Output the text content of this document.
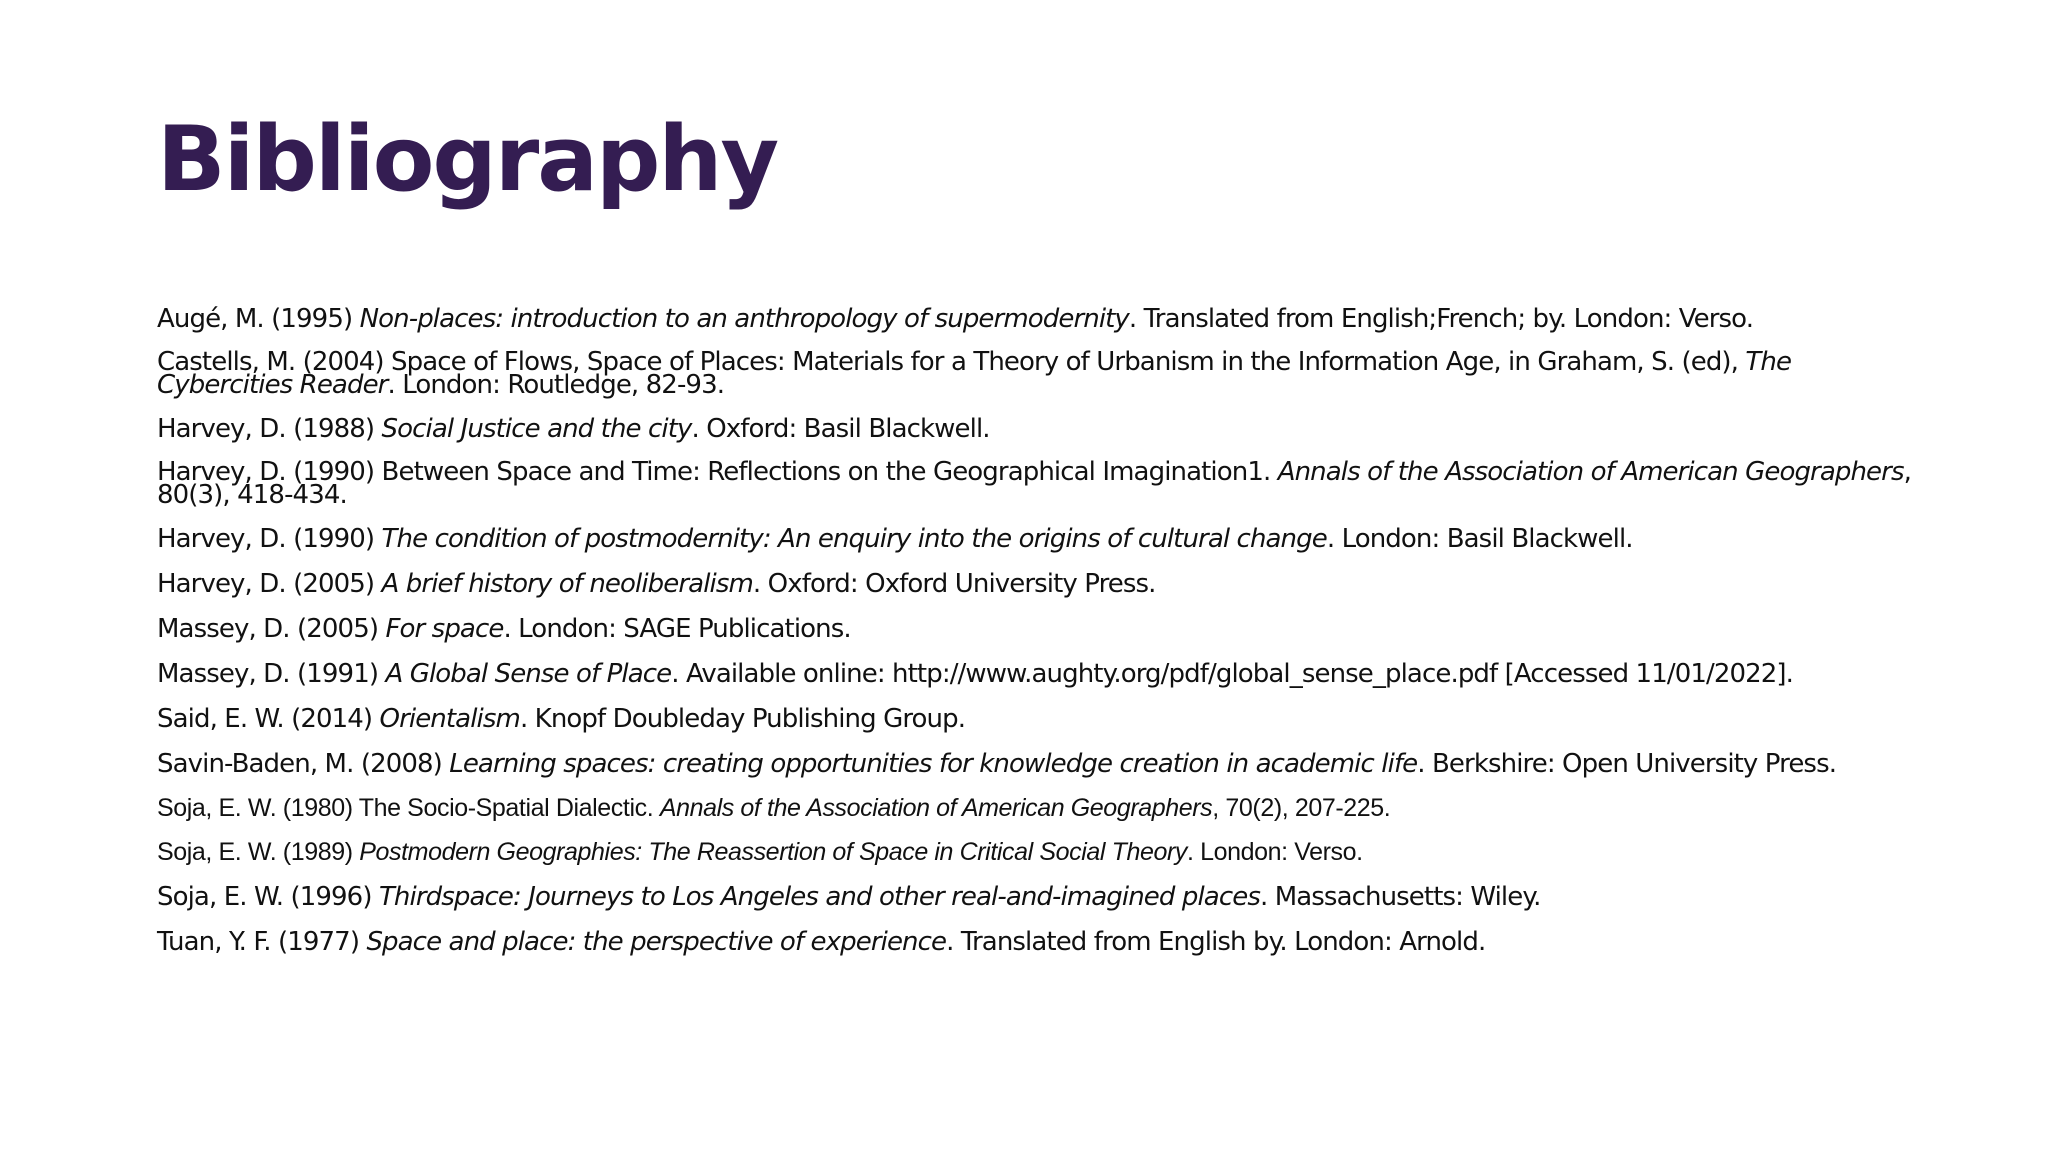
Bibliography
Augé, M. (1995) Non-places: introduction to an anthropology of supermodernity. Translated from English;French; by. London: Verso.
Castells, M. (2004) Space of Flows, Space of Places: Materials for a Theory of Urbanism in the Information Age, in Graham, S. (ed), The Cybercities Reader. London: Routledge, 82-93.
Harvey, D. (1988) Social Justice and the city. Oxford: Basil Blackwell.
Harvey, D. (1990) Between Space and Time: Reflections on the Geographical Imagination1. Annals of the Association of American Geographers, 80(3), 418-434.
Harvey, D. (1990) The condition of postmodernity: An enquiry into the origins of cultural change. London: Basil Blackwell.
Harvey, D. (2005) A brief history of neoliberalism. Oxford: Oxford University Press.
Massey, D. (2005) For space. London: SAGE Publications.
Massey, D. (1991) A Global Sense of Place. Available online: http://www.aughty.org/pdf/global_sense_place.pdf [Accessed 11/01/2022].
Said, E. W. (2014) Orientalism. Knopf Doubleday Publishing Group.
Savin-Baden, M. (2008) Learning spaces: creating opportunities for knowledge creation in academic life. Berkshire: Open University Press.
Soja, E. W. (1980) The Socio-Spatial Dialectic. Annals of the Association of American Geographers, 70(2), 207-225.
Soja, E. W. (1989) Postmodern Geographies: The Reassertion of Space in Critical Social Theory. London: Verso.
Soja, E. W. (1996) Thirdspace: Journeys to Los Angeles and other real-and-imagined places. Massachusetts: Wiley.
Tuan, Y. F. (1977) Space and place: the perspective of experience. Translated from English by. London: Arnold.
